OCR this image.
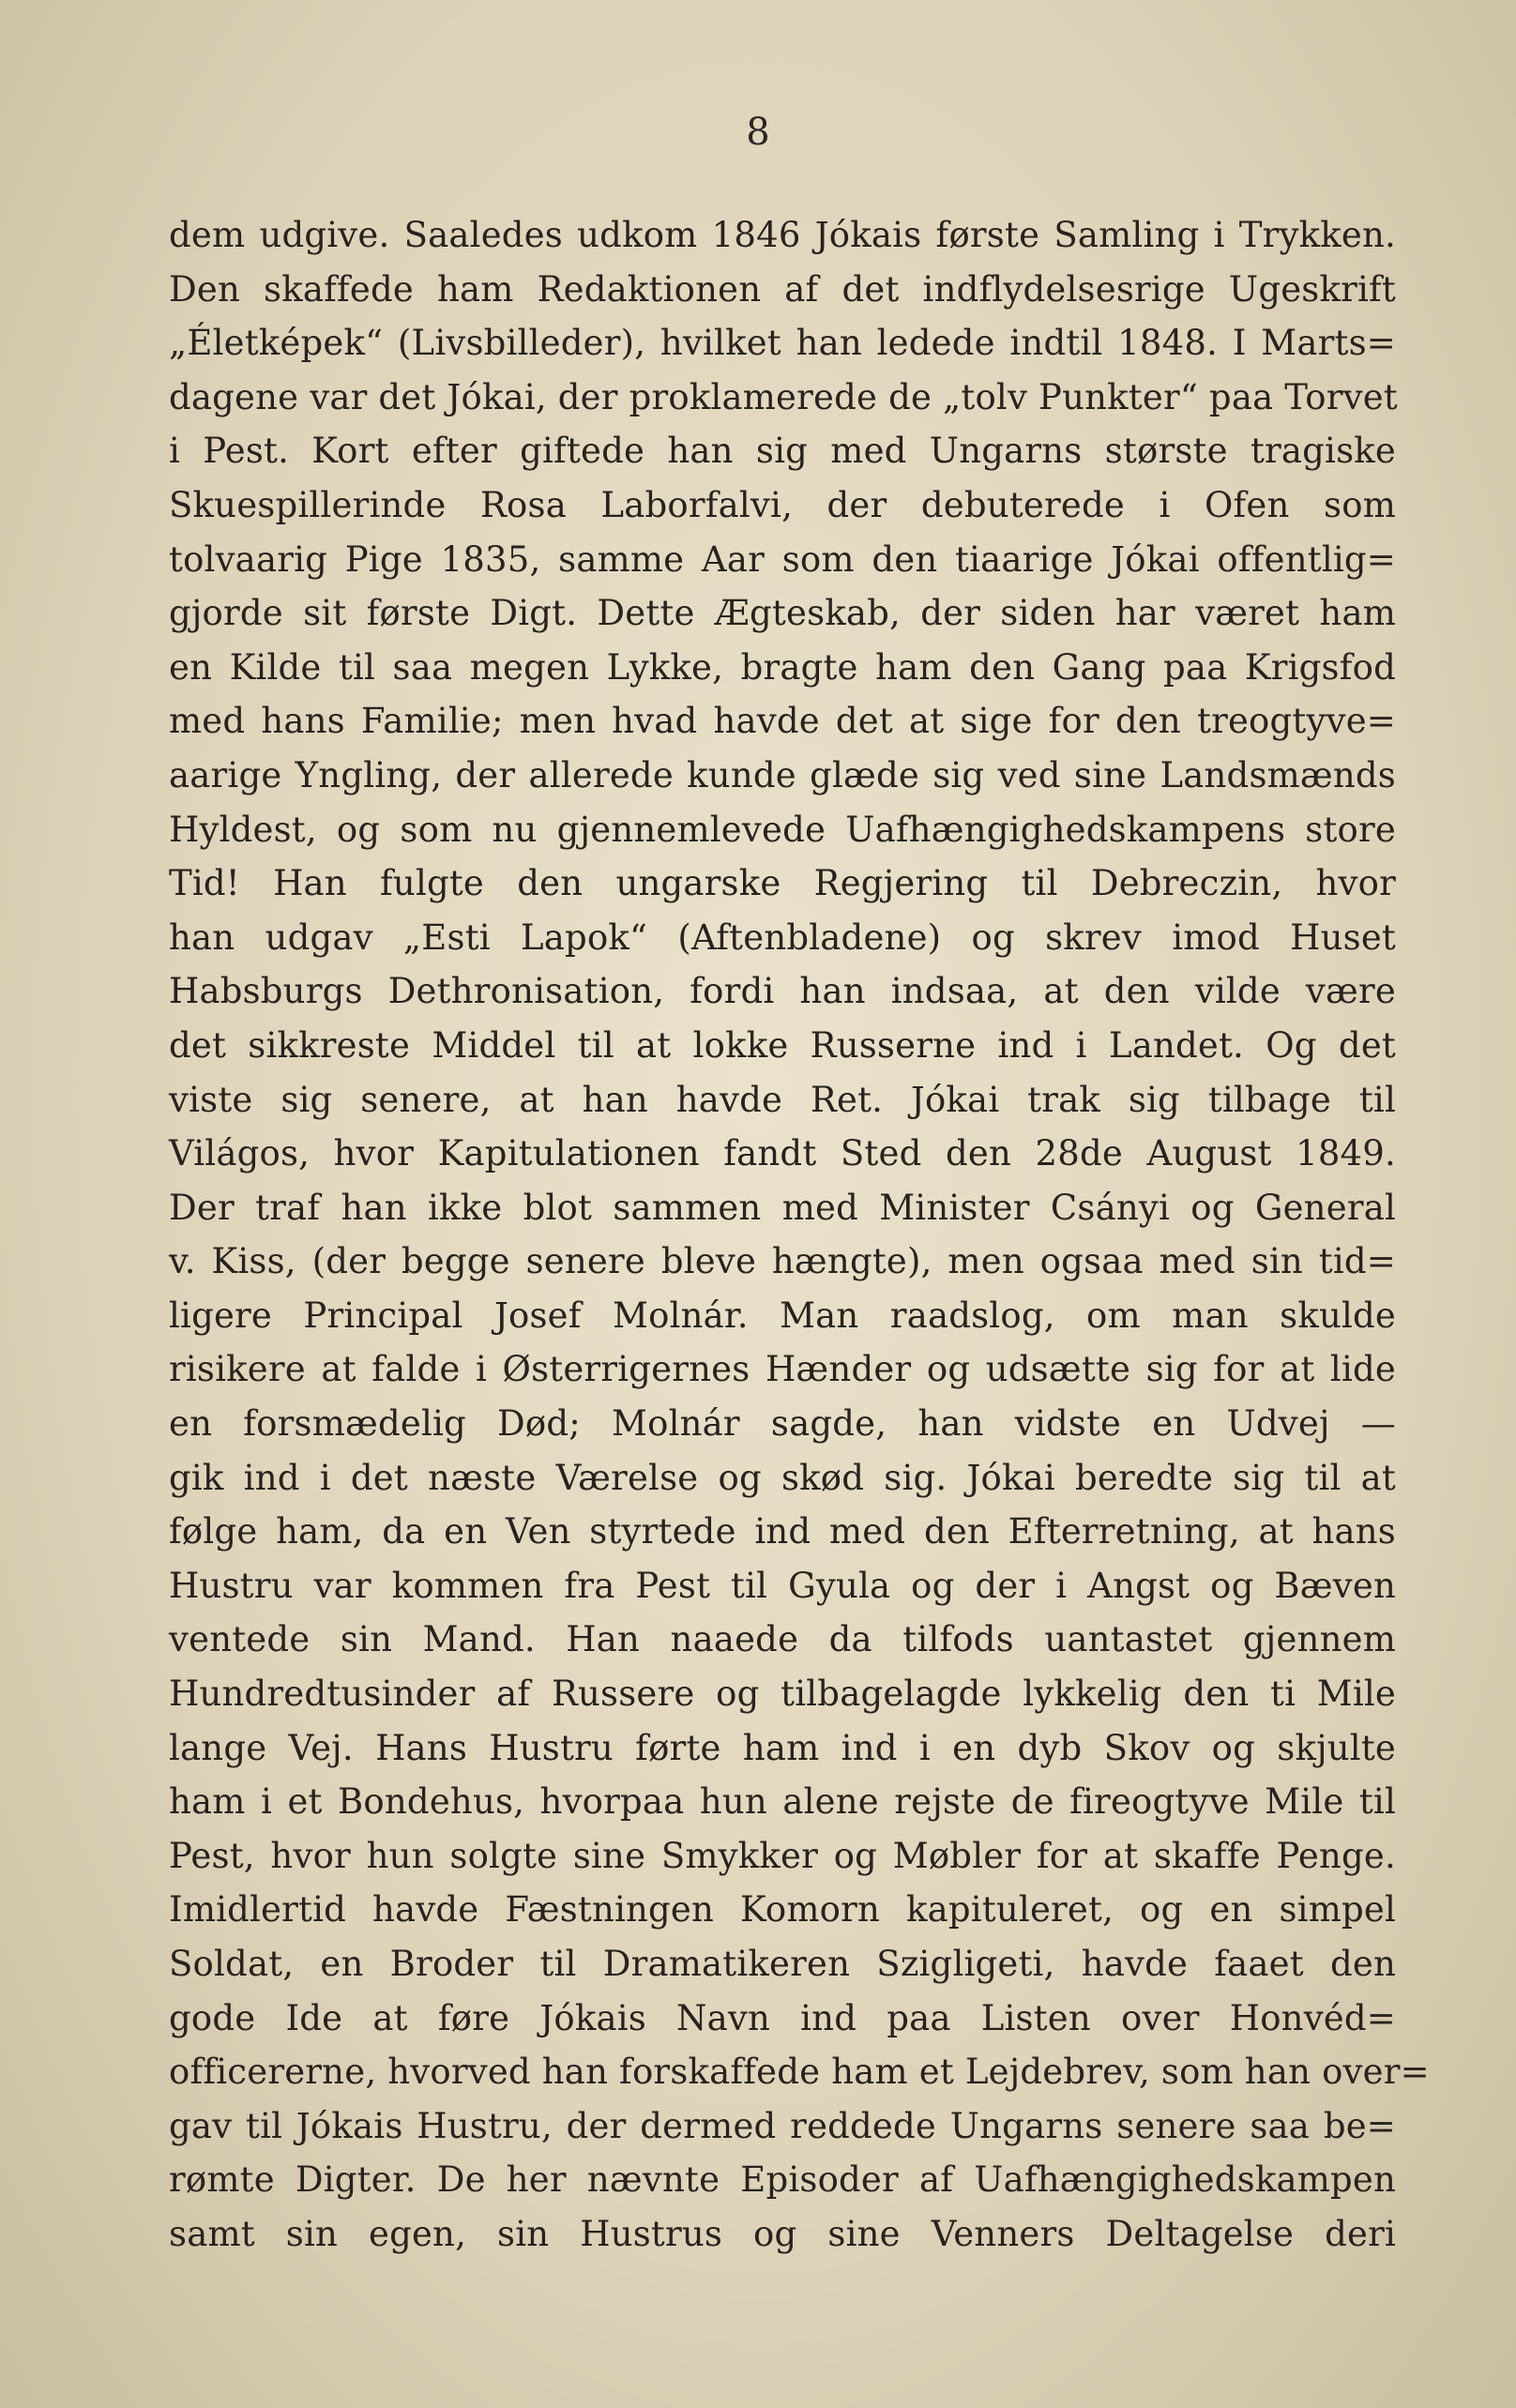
8
dem udgive. Saaledes udkom 1846 Jókais første Samling i Trykken.
Den skaffede ham Redaktionen af det indflydelsesrige Ugeskrift
„Életképek“ (Livsbilleder), hvilket han ledede indtil 1848. I Marts=
dagene var det Jókai, der proklamerede de „tolv Punkter“ paa Torvet
i Pest. Kort efter giftede han sig med Ungarns største tragiske
Skuespillerinde Rosa Laborfalvi, der debuterede i Ofen som
tolvaarig Pige 1835, samme Aar som den tiaarige Jókai offentlig=
gjorde sit første Digt. Dette Ægteskab, der siden har været ham
en Kilde til saa megen Lykke, bragte ham den Gang paa Krigsfod
med hans Familie; men hvad havde det at sige for den treogtyve=
aarige Yngling, der allerede kunde glæde sig ved sine Landsmænds
Hyldest, og som nu gjennemlevede Uafhængighedskampens store
Tid! Han fulgte den ungarske Regjering til Debreczin, hvor
han udgav „Esti Lapok“ (Aftenbladene) og skrev imod Huset
Habsburgs Dethronisation, fordi han indsaa, at den vilde være
det sikkreste Middel til at lokke Russerne ind i Landet. Og det
viste sig senere, at han havde Ret. Jókai trak sig tilbage til
Világos, hvor Kapitulationen fandt Sted den 28de August 1849.
Der traf han ikke blot sammen med Minister Csányi og General
v. Kiss, (der begge senere bleve hængte), men ogsaa med sin tid=
ligere Principal Josef Molnár. Man raadslog, om man skulde
risikere at falde i Østerrigernes Hænder og udsætte sig for at lide
en forsmædelig Død; Molnár sagde, han vidste en Udvej —
gik ind i det næste Værelse og skød sig. Jókai beredte sig til at
følge ham, da en Ven styrtede ind med den Efterretning, at hans
Hustru var kommen fra Pest til Gyula og der i Angst og Bæven
ventede sin Mand. Han naaede da tilfods uantastet gjennem
Hundredtusinder af Russere og tilbagelagde lykkelig den ti Mile
lange Vej. Hans Hustru førte ham ind i en dyb Skov og skjulte
ham i et Bondehus, hvorpaa hun alene rejste de fireogtyve Mile til
Pest, hvor hun solgte sine Smykker og Møbler for at skaffe Penge.
Imidlertid havde Fæstningen Komorn kapituleret, og en simpel
Soldat, en Broder til Dramatikeren Szigligeti, havde faaet den
gode Ide at føre Jókais Navn ind paa Listen over Honvéd=
officererne, hvorved han forskaffede ham et Lejdebrev, som han over=
gav til Jókais Hustru, der dermed reddede Ungarns senere saa be=
rømte Digter. De her nævnte Episoder af Uafhængighedskampen
samt sin egen, sin Hustrus og sine Venners Deltagelse deri
